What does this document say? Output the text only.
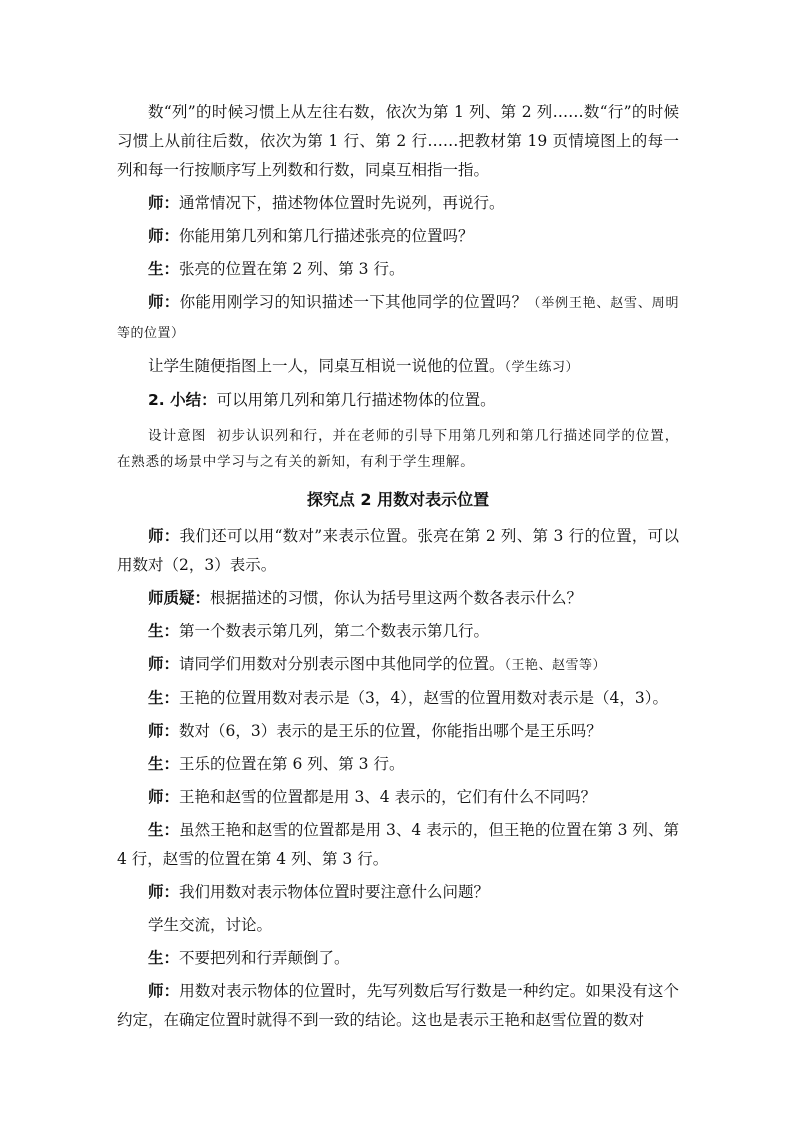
数“列”的时候习惯上从左往右数，依次为第 1 列、第 2 列……数“行”的时候习惯上从前往后数，依次为第 1 行、第 2 行……把教材第 19 页情境图上的每一列和每一行按顺序写上列数和行数，同桌互相指一指。

师：通常情况下，描述物体位置时先说列，再说行。

师：你能用第几列和第几行描述张亮的位置吗？

生：张亮的位置在第 2 列、第 3 行。

师：你能用刚学习的知识描述一下其他同学的位置吗？（举例王艳、赵雪、周明等的位置）

让学生随便指图上一人，同桌互相说一说他的位置。（学生练习）

2. 小结：可以用第几列和第几行描述物体的位置。

设计意图 初步认识列和行，并在老师的引导下用第几列和第几行描述同学的位置，在熟悉的场景中学习与之有关的新知，有利于学生理解。

探究点 2 用数对表示位置

师：我们还可以用“数对”来表示位置。张亮在第 2 列、第 3 行的位置，可以用数对（2，3）表示。

师质疑：根据描述的习惯，你认为括号里这两个数各表示什么？

生：第一个数表示第几列，第二个数表示第几行。

师：请同学们用数对分别表示图中其他同学的位置。（王艳、赵雪等）

生：王艳的位置用数对表示是（3，4），赵雪的位置用数对表示是（4，3）。

师：数对（6，3）表示的是王乐的位置，你能指出哪个是王乐吗？

生：王乐的位置在第 6 列、第 3 行。

师：王艳和赵雪的位置都是用 3、4 表示的，它们有什么不同吗？

生：虽然王艳和赵雪的位置都是用 3、4 表示的，但王艳的位置在第 3 列、第 4 行，赵雪的位置在第 4 列、第 3 行。

师：我们用数对表示物体位置时要注意什么问题？

学生交流，讨论。

生：不要把列和行弄颠倒了。

师：用数对表示物体的位置时，先写列数后写行数是一种约定。如果没有这个约定，在确定位置时就得不到一致的结论。这也是表示王艳和赵雪位置的数对
